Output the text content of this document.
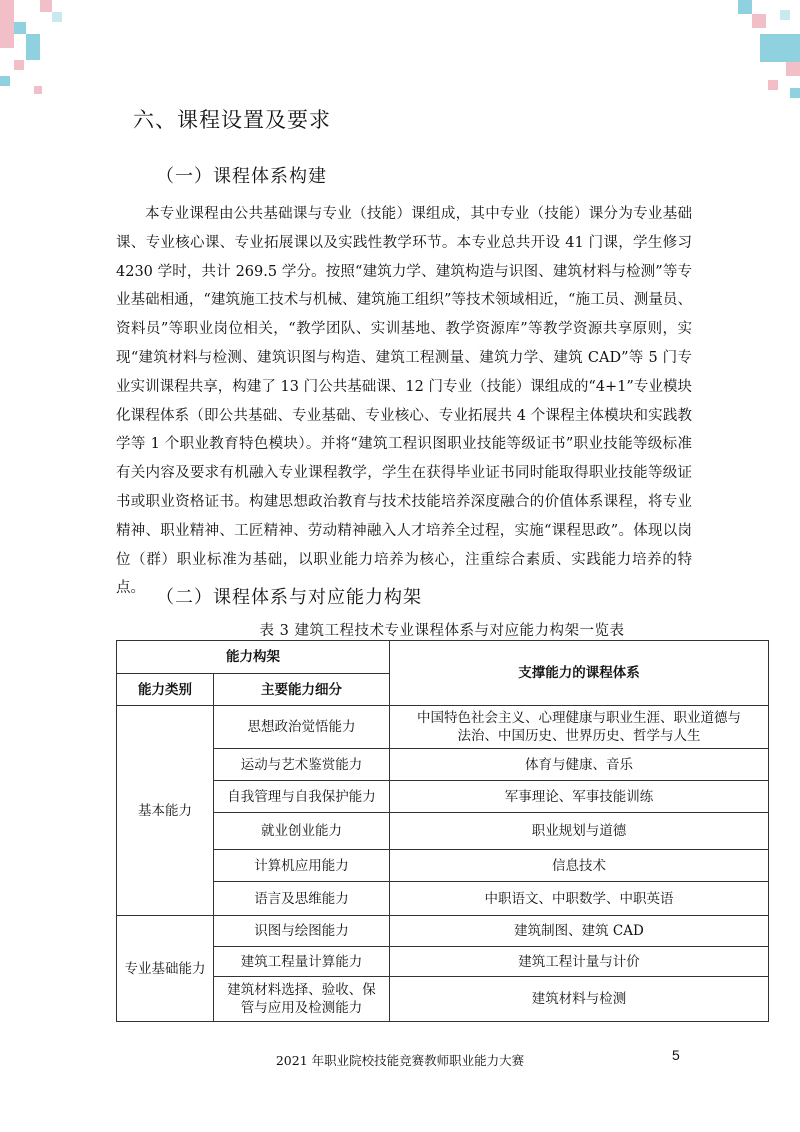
六、课程设置及要求
（一）课程体系构建

本专业课程由公共基础课与专业（技能）课组成，其中专业（技能）课分为专业基础课、专业核心课、专业拓展课以及实践性教学环节。本专业总共开设 41 门课，学生修习 4230 学时，共计 269.5 学分。按照“建筑力学、建筑构造与识图、建筑材料与检测”等专业基础相通，“建筑施工技术与机械、建筑施工组织”等技术领域相近，“施工员、测量员、资料员”等职业岗位相关，“教学团队、实训基地、教学资源库”等教学资源共享原则，实现“建筑材料与检测、建筑识图与构造、建筑工程测量、建筑力学、建筑 CAD”等 5 门专业实训课程共享，构建了 13 门公共基础课、12 门专业（技能）课组成的“4+1”专业模块化课程体系（即公共基础、专业基础、专业核心、专业拓展共 4 个课程主体模块和实践教学等 1 个职业教育特色模块）。并将“建筑工程识图职业技能等级证书”职业技能等级标准有关内容及要求有机融入专业课程教学，学生在获得毕业证书同时能取得职业技能等级证书或职业资格证书。构建思想政治教育与技术技能培养深度融合的价值体系课程，将专业精神、职业精神、工匠精神、劳动精神融入人才培养全过程，实施“课程思政”。体现以岗位（群）职业标准为基础，以职业能力培养为核心，注重综合素质、实践能力培养的特点。 （二）课程体系与对应能力构架
表 3 建筑工程技术专业课程体系与对应能力构架一览表
能力构架		支撑能力的课程体系
能力类别	主要能力细分	
基本能力	思想政治觉悟能力	中国特色社会主义、心理健康与职业生涯、职业道德与法治、中国历史、世界历史、哲学与人生
	运动与艺术鉴赏能力	体育与健康、音乐
	自我管理与自我保护能力	军事理论、军事技能训练
	就业创业能力	职业规划与道德
	计算机应用能力	信息技术
	语言及思维能力	中职语文、中职数学、中职英语
专业基础能力	识图与绘图能力	建筑制图、建筑 CAD
	建筑工程量计算能力	建筑工程计量与计价
	建筑材料选择、验收、保管与应用及检测能力	建筑材料与检测
2021 年职业院校技能竞赛教师职业能力大赛	5
